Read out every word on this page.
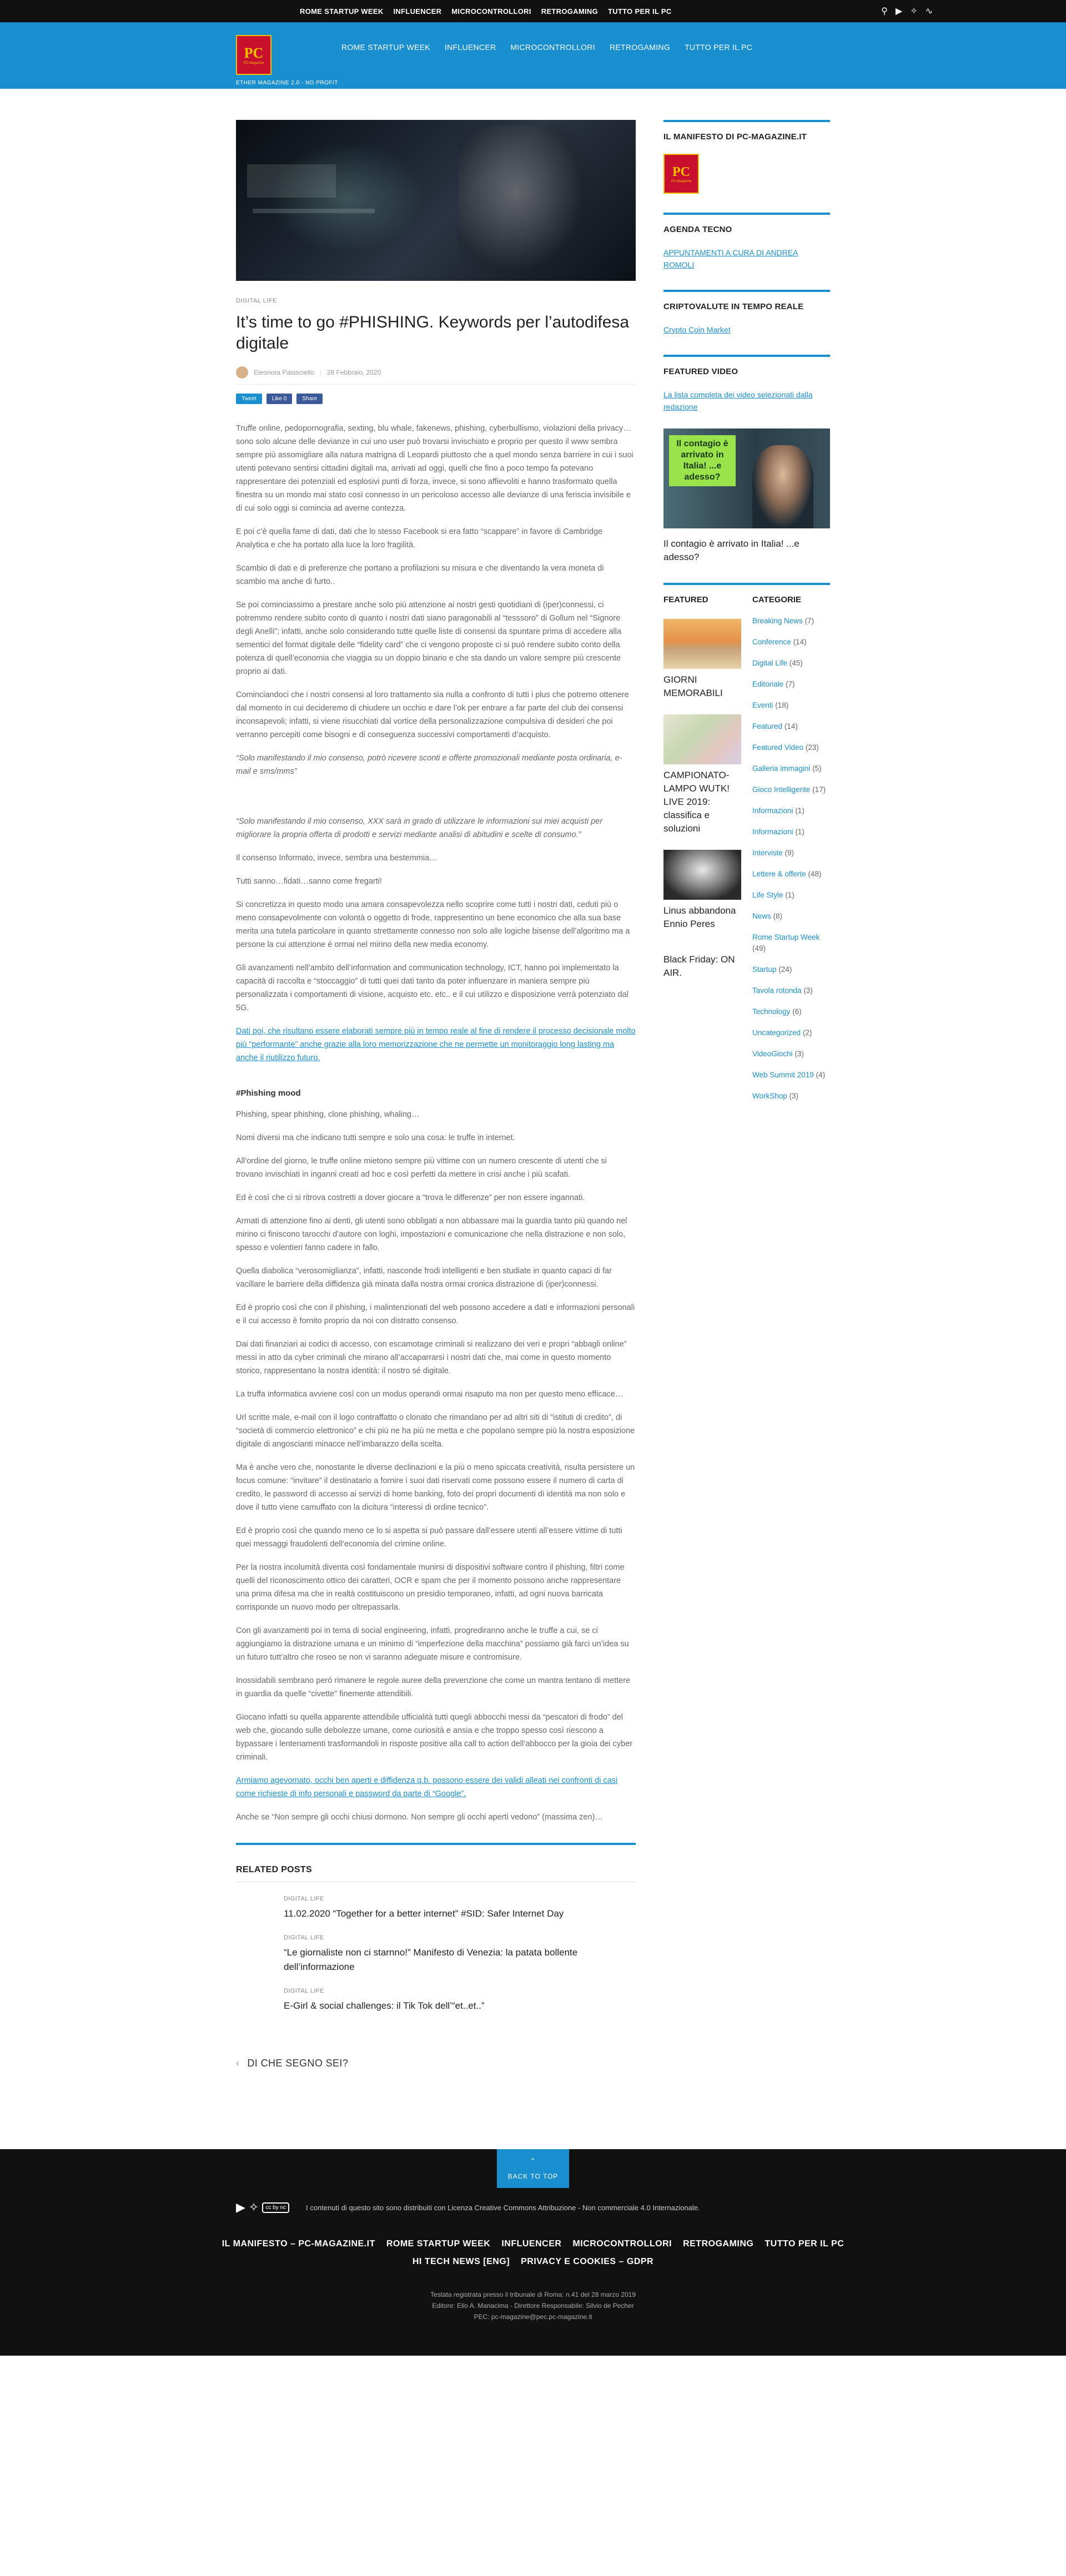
ROME STARTUP WEEK INFLUENCER MICROCONTROLLORI RETROGAMING TUTTO PER IL PC	⚲ ▶ ✧ ∿
PC
PC-Magazine
ETHER MAGAZINE 2.0 - NO PROFIT
ROME STARTUP WEEK INFLUENCER MICROCONTROLLORI RETROGAMING TUTTO PER IL PC
DIGITAL LIFE
It’s time to go #PHISHING. Keywords per l’autodifesa digitale
Eleonora Palasciello | 28 Febbraio, 2020
Tweet	Like 0	Share

Truffe online, pedopornografia, sexting, blu whale, fakenews, phishing, cyberbullismo, violazioni della privacy… sono solo alcune delle devianze in cui uno user può trovarsi invischiato e proprio per questo il www sembra sempre più assomigliare alla natura matrigna di Leopardi piuttosto che a quel mondo senza barriere in cui i suoi utenti potevano sentirsi cittadini digitali ma, arrivati ad oggi, quelli che fino a poco tempo fa potevano rappresentare dei potenziali ed esplosivi punti di forza, invece, si sono affievoliti e hanno trasformato quella finestra su un mondo mai stato così connesso in un pericoloso accesso alle devianze di una feriscia invisibile e di cui solo oggi si comincia ad averne contezza.

E poi c’è quella fame di dati, dati che lo stesso Facebook si era fatto “scappare” in favore di Cambridge Analytica e che ha portato alla luce la loro fragilità.

Scambio di dati e di preferenze che portano a profilazioni su misura e che diventando la vera moneta di scambio ma anche di furto..

Se poi cominciassimo a prestare anche solo più attenzione ai nostri gesti quotidiani di (iper)connessi, ci potremmo rendere subito conto di quanto i nostri dati siano paragonabili al “tesssoro” di Gollum nel “Signore degli Anelli”; infatti, anche solo considerando tutte quelle liste di consensi da spuntare prima di accedere alla sementici del format digitale delle “fidelity card” che ci vengono proposte ci si può rendere subito conto della potenza di quell’economia che viaggia su un doppio binario e che sta dando un valore sempre più crescente proprio ai dati.

Cominciandoci che i nostri consensi al loro trattamento sia nulla a confronto di tutti i plus che potremo ottenere dal momento in cui decideremo di chiudere un occhio e dare l’ok per entrare a far parte del club dei consensi inconsapevoli; infatti, si viene risucchiati dal vortice della personalizzazione compulsiva di desideri che poi verranno percepiti come bisogni e di conseguenza successivi comportamenti d’acquisto.

“Solo manifestando il mio consenso, potrò ricevere sconti e offerte promozionali mediante posta ordinaria, e-mail e sms/mms”

“Solo manifestando il mio consenso, XXX sarà in grado di utilizzare le informazioni sui miei acquisti per migliorare la propria offerta di prodotti e servizi mediante analisi di abitudini e scelte di consumo.”

Il consenso Informato, invece, sembra una bestemmia…

Tutti sanno…fidati…sanno come fregarti!

Si concretizza in questo modo una amara consapevolezza nello scoprire come tutti i nostri dati, ceduti più o meno consapevolmente con volontà o oggetto di frode, rappresentino un bene economico che alla sua base merita una tutela particolare in quanto strettamente connesso non solo alle logiche bisense dell’algoritmo ma a persone la cui attenzione è ormai nel mirino della new media economy.

Gli avanzamenti nell’ambito dell’information and communication technology, ICT, hanno poi implementato la capacità di raccolta e “stoccaggio” di tutti quei dati tanto da poter influenzare in maniera sempre più personalizzata i comportamenti di visione, acquisto etc. etc.. e il cui utilizzo e disposizione verrà potenziato dal 5G.

Dati poi, che risultano essere elaborati sempre più in tempo reale al fine di rendere il processo decisionale molto più “performante” anche grazie alla loro memorizzazione che ne permette un monitoraggio long lasting ma anche il riutilizzo futuro.

#Phishing mood

Phishing, spear phishing, clone phishing, whaling…

Nomi diversi ma che indicano tutti sempre e solo una cosa: le truffe in internet.

All’ordine del giorno, le truffe online mietono sempre più vittime con un numero crescente di utenti che si trovano invischiati in inganni creati ad hoc e così perfetti da mettere in crisi anche i più scafati.

Ed è così che ci si ritrova costretti a dover giocare a “trova le differenze” per non essere ingannati.

Armati di attenzione fino ai denti, gli utenti sono obbligati a non abbassare mai la guardia tanto più quando nel mirino ci finiscono tarocchi d’autore con loghi, impostazioni e comunicazione che nella distrazione e non solo, spesso e volentieri fanno cadere in fallo.

Quella diabolica “verosomiglianza”, infatti, nasconde frodi intelligenti e ben studiate in quanto capaci di far vacillare le barriere della diffidenza già minata dalla nostra ormai cronica distrazione di (iper)connessi.

Ed è proprio così che con il phishing, i malintenzionati del web possono accedere a dati e informazioni personali e il cui accesso è fornito proprio da noi con distratto consenso.

Dai dati finanziari ai codici di accesso, con escamotage criminali si realizzano dei veri e propri “abbagli online” messi in atto da cyber criminali che mirano all’accaparrarsi i nostri dati che, mai come in questo momento storico, rappresentano la nostra identità: il nostro sé digitale.

La truffa informatica avviene così con un modus operandi ormai risaputo ma non per questo meno efficace…

Url scritte male, e-mail con il logo contraffatto o clonato che rimandano per ad altri siti di “istituti di credito”, di “società di commercio elettronico” e chi più ne ha più ne metta e che popolano sempre più la nostra esposizione digitale di angoscianti minacce nell’imbarazzo della scelta.

Ma è anche vero che, nonostante le diverse declinazioni e la più o meno spiccata creatività, risulta persistere un focus comune: “invitare” il destinatario a fornire i suoi dati riservati come possono essere il numero di carta di credito, le password di accesso ai servizi di home banking, foto dei propri documenti di identità ma non solo e dove il tutto viene camuffato con la dicitura “interessi di ordine tecnico”.

Ed è proprio così che quando meno ce lo si aspetta si può passare dall’essere utenti all’essere vittime di tutti quei messaggi fraudolenti dell’economia del crimine online.

Per la nostra incolumità diventa così fondamentale munirsi di dispositivi software contro il phishing, filtri come quelli del riconoscimento ottico dei caratteri, OCR e spam che per il momento possono anche rappresentare una prima difesa ma che in realtà costituiscono un presidio temporaneo, infatti, ad ogni nuova barricata corrisponde un nuovo modo per oltrepassarla.

Con gli avanzamenti poi in tema di social engineering, infatti, progrediranno anche le truffe a cui, se ci aggiungiamo la distrazione umana e un minimo di “imperfezione della macchina” possiamo già farci un’idea su un futuro tutt’altro che roseo se non vi saranno adeguate misure e contromisure.

Inossidabili sembrano però rimanere le regole auree della prevenzione che come un mantra tentano di mettere in guardia da quelle “civette” finemente attendibili.

Giocano infatti su quella apparente attendibile ufficialità tutti quegli abbocchi messi da “pescatori di frodo” del web che, giocando sulle debolezze umane, come curiosità e ansia e che troppo spesso così riescono a bypassare i lentenamenti trasformandoli in risposte positive alla call to action dell’abbocco per la gioia dei cyber criminali.

Armiamo agevomato, occhi ben aperti e diffidenza q.b. possono essere dei validi alleati nei confronti di casi come richieste di info personali e password da parte di “Google”.

Anche se “Non sempre gli occhi chiusi dormono. Non sempre gli occhi aperti vedono” (massima zen)…

RELATED POSTS
DIGITAL LIFE
11.02.2020 “Together for a better internet” #SID: Safer Internet Day
DIGITAL LIFE
“Le giornaliste non ci starnno!” Manifesto di Venezia: la patata bollente dell’informazione
DIGITAL LIFE
E-Girl & social challenges: il Tik Tok dell’“et..et..”
‹ DI CHE SEGNO SEI?
IL MANIFESTO DI PC-MAGAZINE.IT
PC
PC-Magazine
AGENDA TECNO
APPUNTAMENTI A CURA DI ANDREA ROMOLI
CRIPTOVALUTE IN TEMPO REALE
Crypto Coin Market
FEATURED VIDEO
La lista completa dei video selezionati dalla redazione
Il contagio è arrivato in Italia! ...e adesso?
Il contagio è arrivato in Italia! ...e adesso?
FEATURED
GIORNI MEMORABILI
CAMPIONATO-LAMPO WUTK! LIVE 2019: classifica e soluzioni
Linus abbandona Ennio Peres
Black Friday: ON AIR.
CATEGORIE
Breaking News (7)
Conference (14)
Digital Life (45)
Editoriale (7)
Eventi (18)
Featured (14)
Featured Video (23)
Galleria immagini (5)
Gioco Intelligente (17)
Informazioni (1)
Informazioni (1)
Interviste (9)
Lettere & offerte (48)
Life Style (1)
News (8)
Rome Startup Week (49)
Startup (24)
Tavola rotonda (3)
Technology (6)
Uncategorized (2)
VideoGiochi (3)
Web Summit 2019 (4)
WorkShop (3)
⌃
BACK TO TOP
▶ ✧	cc by nc	I contenuti di questo sito sono distribuiti con Licenza Creative Commons Attribuzione - Non commerciale 4.0 Internazionale.
IL MANIFESTO – PC-MAGAZINE.IT ROME STARTUP WEEK INFLUENCER MICROCONTROLLORI RETROGAMING TUTTO PER IL PC
HI TECH NEWS [ENG] PRIVACY E COOKIES – GDPR
Testata registrata presso il tribunale di Roma: n.41 del 28 marzo 2019
Editore: Elio A. Mariacima - Direttore Responsabile: Silvio de Pecher
PEC: pc-magazine@pec.pc-magazine.it
